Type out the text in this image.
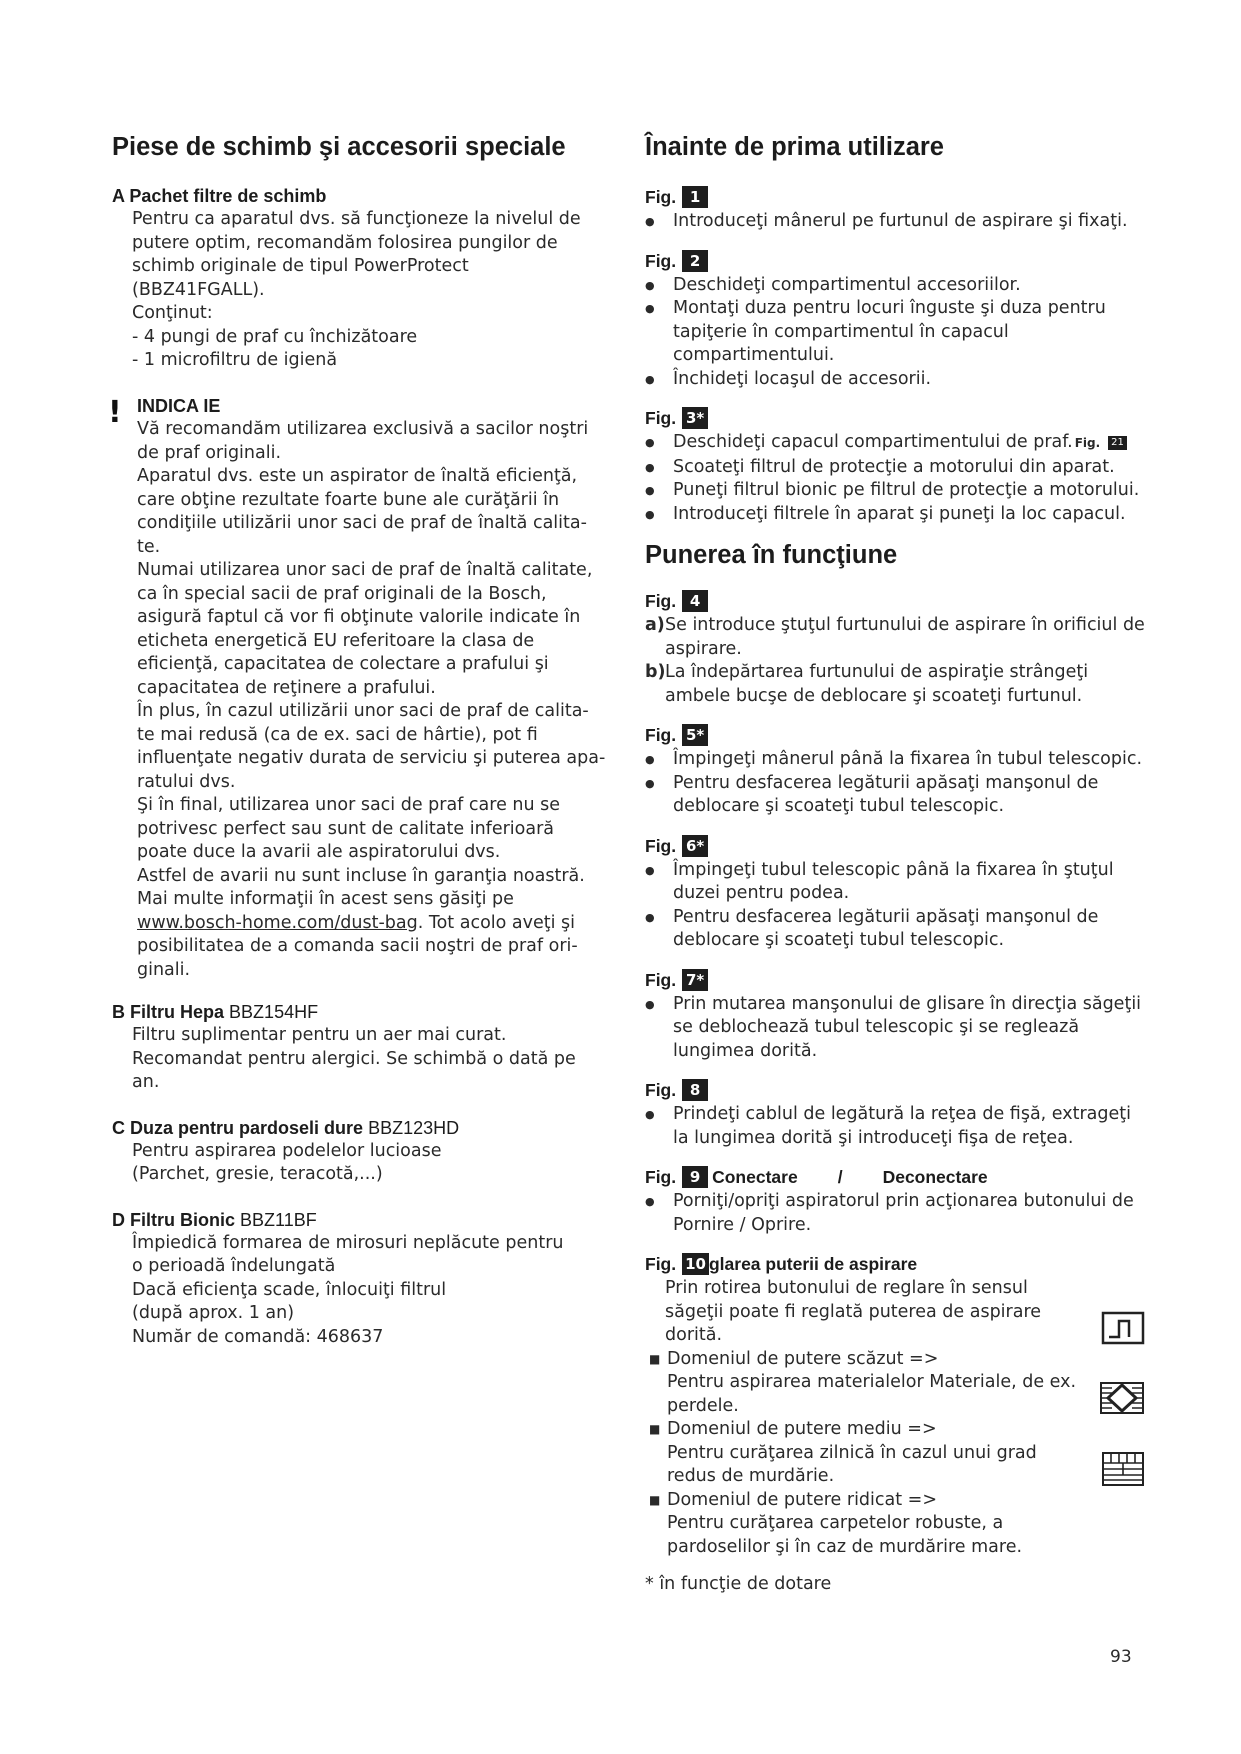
Piese de schimb şi accesorii speciale
A Pachet filtre de schimb
Pentru ca aparatul dvs. să funcţioneze la nivelul de
putere optim, recomandăm folosirea pungilor de
schimb originale de tipul PowerProtect
(BBZ41FGALL).
Conţinut:
- 4 pungi de praf cu închizătoare
- 1 microfiltru de igienă
! INDICA IE
Vă recomandăm utilizarea exclusivă a sacilor noştri
de praf originali.
Aparatul dvs. este un aspirator de înaltă eficienţă,
care obţine rezultate foarte bune ale curăţării în
condiţiile utilizării unor saci de praf de înaltă calita-
te.
Numai utilizarea unor saci de praf de înaltă calitate,
ca în special sacii de praf originali de la Bosch,
asigură faptul că vor fi obţinute valorile indicate în
eticheta energetică EU referitoare la clasa de
eficienţă, capacitatea de colectare a prafului şi
capacitatea de reţinere a prafului.
În plus, în cazul utilizării unor saci de praf de calita-
te mai redusă (ca de ex. saci de hârtie), pot fi
influenţate negativ durata de serviciu şi puterea apa-
ratului dvs.
Şi în final, utilizarea unor saci de praf care nu se
potrivesc perfect sau sunt de calitate inferioară
poate duce la avarii ale aspiratorului dvs.
Astfel de avarii nu sunt incluse în garanţia noastră.
Mai multe informaţii în acest sens găsiţi pe
www.bosch-home.com/dust-bag. Tot acolo aveţi şi
posibilitatea de a comanda sacii noştri de praf ori-
ginali.
B Filtru Hepa BBZ154HF
Filtru suplimentar pentru un aer mai curat.
Recomandat pentru alergici. Se schimbă o dată pe
an.
C Duza pentru pardoseli dure BBZ123HD
Pentru aspirarea podelelor lucioase
(Parchet, gresie, teracotă,...)
D Filtru Bionic BBZ11BF
Împiedică formarea de mirosuri neplăcute pentru
o perioadă îndelungată
Dacă eficienţa scade, înlocuiţi filtrul
(după aprox. 1 an)
Număr de comandă: 468637
Înainte de prima utilizare
Fig. 1
● Introduceţi mânerul pe furtunul de aspirare şi fixaţi.
Fig. 2
● Deschideţi compartimentul accesoriilor.
● Montaţi duza pentru locuri înguste şi duza pentru tapiţerie în compartimentul în capacul compartimentului.
● Închideţi locaşul de accesorii.
Fig. 3*
● Deschideţi capacul compartimentului de praf. Fig. 21
● Scoateţi filtrul de protecţie a motorului din aparat.
● Puneţi filtrul bionic pe filtrul de protecţie a motorului.
● Introduceţi filtrele în aparat şi puneţi la loc capacul.
Punerea în funcţiune
Fig. 4
a) Se introduce ştuţul furtunului de aspirare în orificiul de aspirare.
b) La îndepărtarea furtunului de aspiraţie strângeţi ambele bucşe de deblocare şi scoateţi furtunul.
Fig. 5*
● Împingeţi mânerul până la fixarea în tubul telescopic.
● Pentru desfacerea legăturii apăsaţi manşonul de deblocare şi scoateţi tubul telescopic.
Fig. 6*
● Împingeţi tubul telescopic până la fixarea în ştuţul duzei pentru podea.
● Pentru desfacerea legăturii apăsaţi manşonul de deblocare şi scoateţi tubul telescopic.
Fig. 7*
● Prin mutarea manşonului de glisare în direcţia săgeţii se deblochează tubul telescopic şi se reglează lungimea dorită.
Fig. 8
● Prindeţi cablul de legătură la reţea de fişă, extrageţi la lungimea dorită şi introduceţi fişa de reţea.
Fig. 9 Conectare / Deconectare
● Porniţi/opriţi aspiratorul prin acţionarea butonului de Pornire / Oprire.
Fig. 10 glarea puterii de aspirare
Prin rotirea butonului de reglare în sensul săgeţii poate fi reglată puterea de aspirare dorită.
■ Domeniul de putere scăzut =>
Pentru aspirarea materialelor Materiale, de ex. perdele.
■ Domeniul de putere mediu =>
Pentru curăţarea zilnică în cazul unui grad redus de murdărie.
■ Domeniul de putere ridicat =>
Pentru curăţarea carpetelor robuste, a pardoselilor şi în caz de murdărire mare.
* în funcţie de dotare
93
